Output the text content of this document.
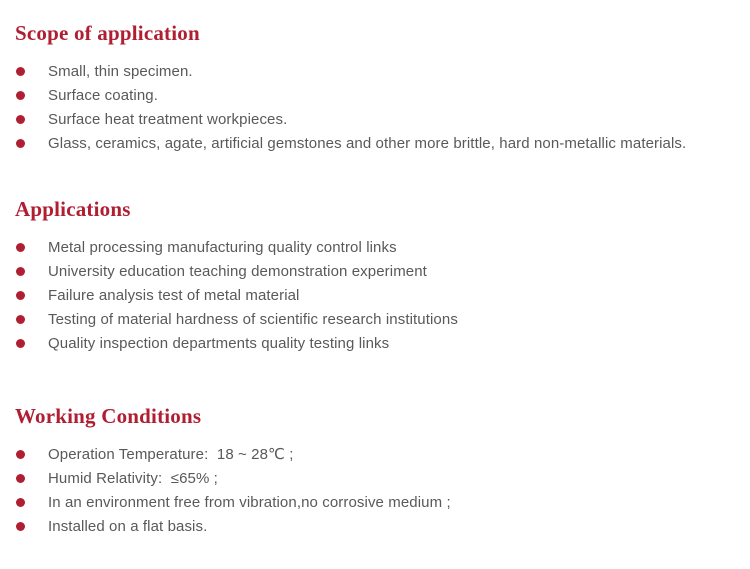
Scope of application
Small, thin specimen.
Surface coating.
Surface heat treatment workpieces.
Glass, ceramics, agate, artificial gemstones and other more brittle, hard non-metallic materials.
Applications
Metal processing manufacturing quality control links
University education teaching demonstration experiment
Failure analysis test of metal material
Testing of material hardness of scientific research institutions
Quality inspection departments quality testing links
Working Conditions
Operation Temperature:  18 ~ 28℃ ;
Humid Relativity:  ≤65% ;
In an environment free from vibration,no corrosive medium ;
Installed on a flat basis.
